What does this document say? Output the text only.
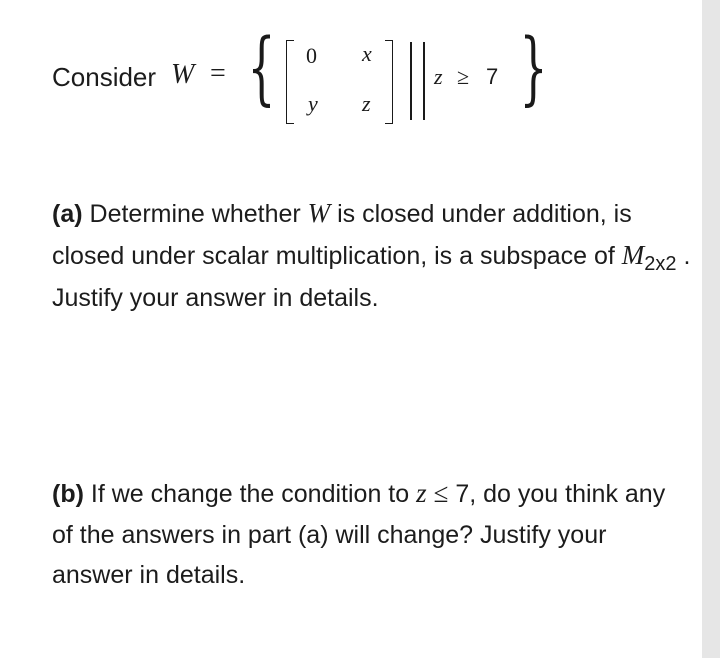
Consider W = { 0 x
y z
z ≥ 7 }

(a) Determine whether W is closed under addition, is closed under scalar multiplication, is a subspace of $M_{2x2}$ . Justify your answer in details.

(b) If we change the condition to z ≤ 7, do you think any of the answers in part (a) will change? Justify your answer in details.
